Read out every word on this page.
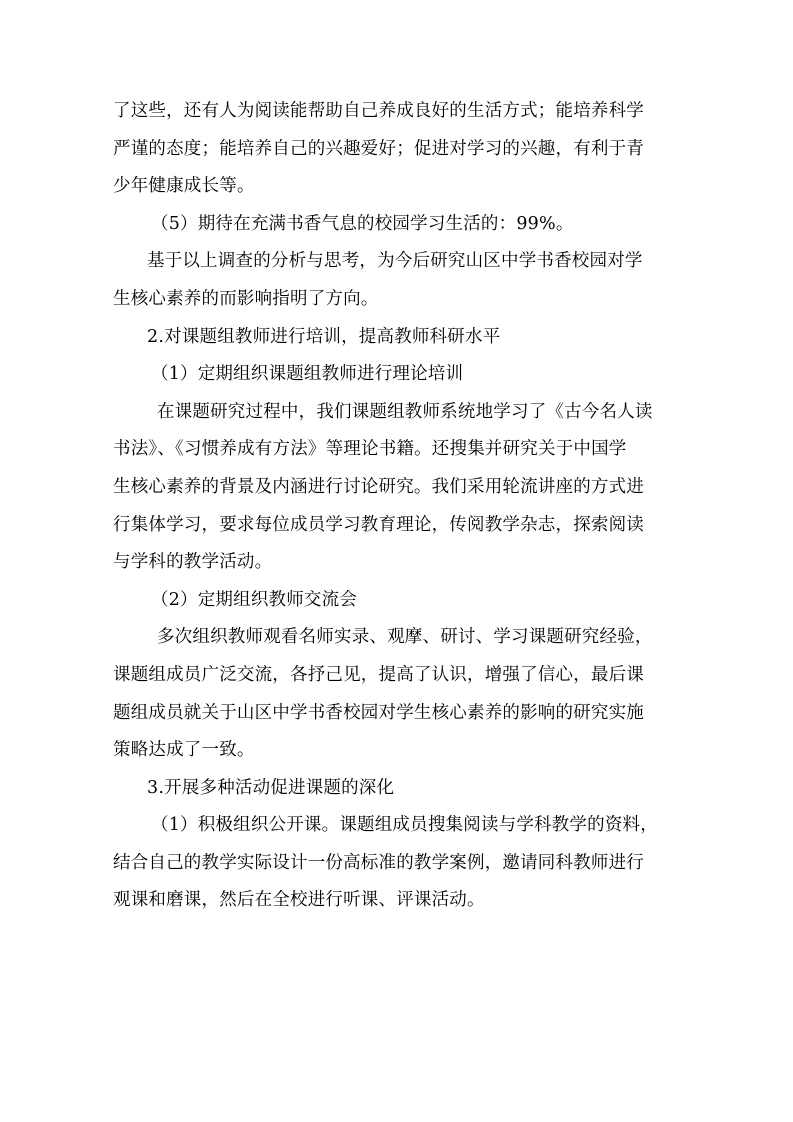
了这些，还有人为阅读能帮助自己养成良好的生活方式；能培养科学
严谨的态度；能培养自己的兴趣爱好；促进对学习的兴趣，有利于青
少年健康成长等。
（5）期待在充满书香气息的校园学习生活的：99%。
基于以上调查的分析与思考，为今后研究山区中学书香校园对学
生核心素养的而影响指明了方向。
2.对课题组教师进行培训，提高教师科研水平
（1）定期组织课题组教师进行理论培训
在课题研究过程中，我们课题组教师系统地学习了《古今名人读
书法》、《习惯养成有方法》等理论书籍。还搜集并研究关于中国学
生核心素养的背景及内涵进行讨论研究。我们采用轮流讲座的方式进
行集体学习，要求每位成员学习教育理论，传阅教学杂志，探索阅读
与学科的教学活动。
（2）定期组织教师交流会
多次组织教师观看名师实录、观摩、研讨、学习课题研究经验，
课题组成员广泛交流，各抒己见，提高了认识，增强了信心，最后课
题组成员就关于山区中学书香校园对学生核心素养的影响的研究实施
策略达成了一致。
3.开展多种活动促进课题的深化
（1）积极组织公开课。课题组成员搜集阅读与学科教学的资料，
结合自己的教学实际设计一份高标准的教学案例，邀请同科教师进行
观课和磨课，然后在全校进行听课、评课活动。
